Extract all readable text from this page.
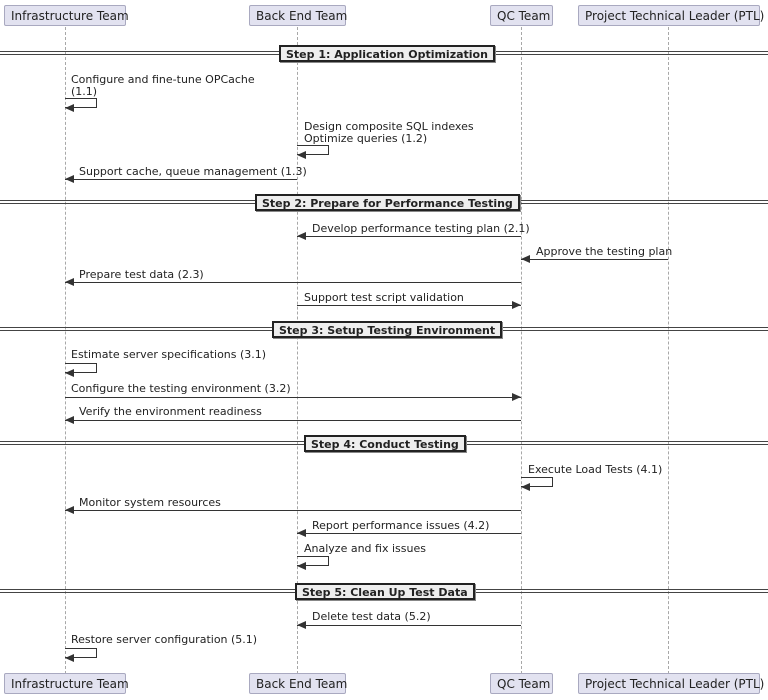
Infrastructure Team	Back End Team	QC Team	Project Technical Leader (PTL)
Step 1: Application Optimization
Step 2: Prepare for Performance Testing
Step 3: Setup Testing Environment
Step 4: Conduct Testing
Step 5: Clean Up Test Data
Configure and fine-tune OPCache
(1.1)
Design composite SQL indexes
Optimize queries (1.2)
Support cache, queue management (1.3)
Develop performance testing plan (2.1)
Approve the testing plan
Prepare test data (2.3)
Support test script validation
Estimate server specifications (3.1)
Configure the testing environment (3.2)
Verify the environment readiness
Execute Load Tests (4.1)
Monitor system resources
Report performance issues (4.2)
Analyze and fix issues
Delete test data (5.2)
Restore server configuration (5.1)
Infrastructure Team	Back End Team	QC Team	Project Technical Leader (PTL)
